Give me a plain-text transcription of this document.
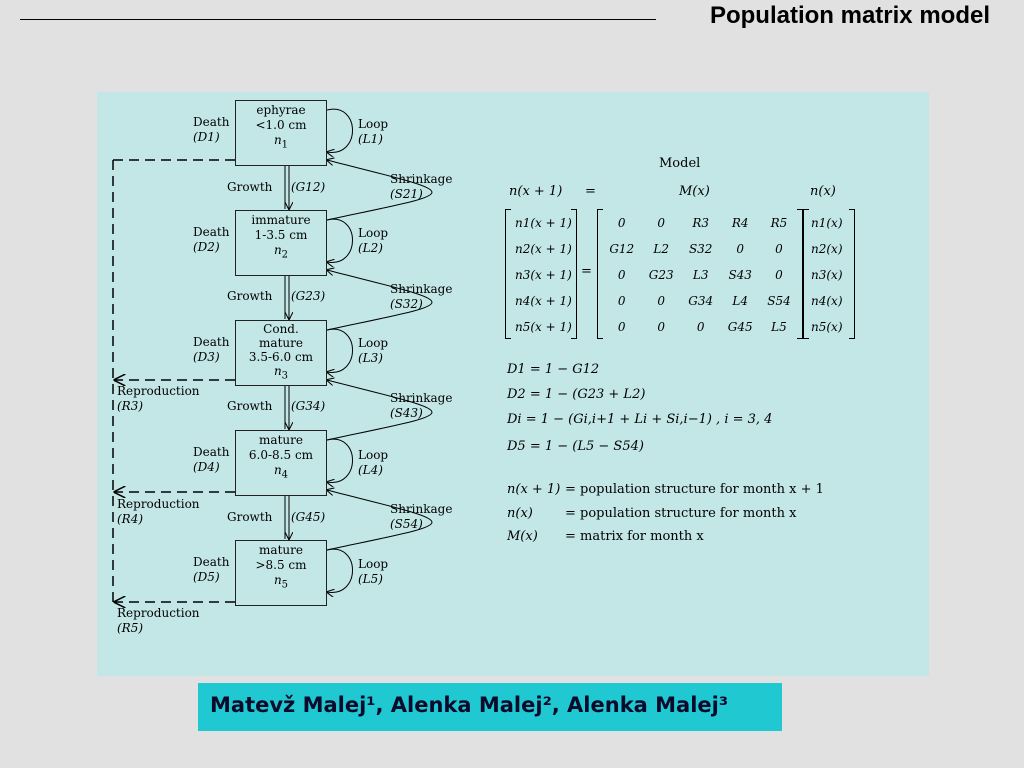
Population matrix model
ephyrae
<1.0 cm
$n_1$
immature
1-3.5 cm
$n_2$
Cond.
mature
3.5-6.0 cm
$n_3$
mature
6.0-8.5 cm
$n_4$
mature
>8.5 cm
$n_5$
Death
(D1)
Death
(D2)
Death
(D3)
Death
(D4)
Death
(D5)
Loop
(L1)
Loop
(L2)
Loop
(L3)
Loop
(L4)
Loop
(L5)
Growth (G12)
Growth (G23)
Growth (G34)
Growth (G45)
Shrinkage
(S21)
Shrinkage
(S32)
Shrinkage
(S43)
Shrinkage
(S54)
Reproduction
(R3)
Reproduction
(R4)
Reproduction
(R5)
Model
n(x + 1) =	M(x)	n(x)
n1(x + 1)
n2(x + 1)
n3(x + 1)
n4(x + 1)
n5(x + 1)
=
0	0	R3	R4	R5
G12	L2	S32	0	0
0	G23	L3	S43	0
0	0	G34	L4	S54
0	0	0	G45	L5
n1(x)
n2(x)
n3(x)
n4(x)
n5(x)
D1 = 1 − G12
D2 = 1 − (G23 + L2)
Di = 1 − (Gi,i+1 + Li + Si,i−1) , i = 3, 4
D5 = 1 − (L5 − S54)
n(x + 1) = population structure for month x + 1
n(x) = population structure for month x
M(x) = matrix for month x
Matevž Malej¹, Alenka Malej², Alenka Malej³
